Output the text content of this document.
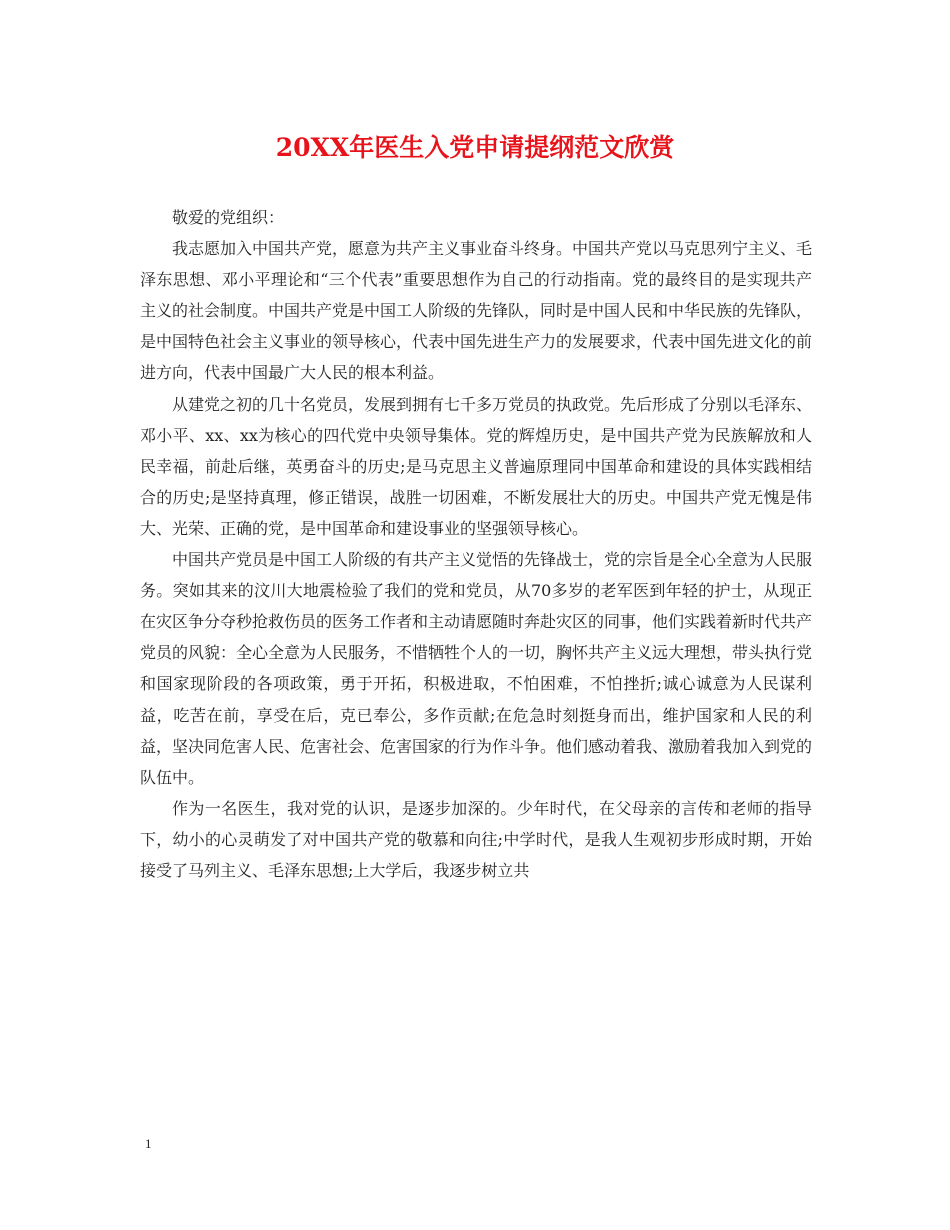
20XX年医生入党申请提纲范文欣赏

敬爱的党组织：

我志愿加入中国共产党，愿意为共产主义事业奋斗终身。中国共产党以马克思列宁主义、毛泽东思想、邓小平理论和“三个代表”重要思想作为自己的行动指南。党的最终目的是实现共产主义的社会制度。中国共产党是中国工人阶级的先锋队，同时是中国人民和中华民族的先锋队，是中国特色社会主义事业的领导核心，代表中国先进生产力的发展要求，代表中国先进文化的前进方向，代表中国最广大人民的根本利益。

从建党之初的几十名党员，发展到拥有七千多万党员的执政党。先后形成了分别以毛泽东、邓小平、xx、xx为核心的四代党中央领导集体。党的辉煌历史，是中国共产党为民族解放和人民幸福，前赴后继，英勇奋斗的历史;是马克思主义普遍原理同中国革命和建设的具体实践相结合的历史;是坚持真理，修正错误，战胜一切困难，不断发展壮大的历史。中国共产党无愧是伟大、光荣、正确的党，是中国革命和建设事业的坚强领导核心。

中国共产党员是中国工人阶级的有共产主义觉悟的先锋战士，党的宗旨是全心全意为人民服务。突如其来的汶川大地震检验了我们的党和党员，从70多岁的老军医到年轻的护士，从现正在灾区争分夺秒抢救伤员的医务工作者和主动请愿随时奔赴灾区的同事，他们实践着新时代共产党员的风貌：全心全意为人民服务，不惜牺牲个人的一切，胸怀共产主义远大理想，带头执行党和国家现阶段的各项政策，勇于开拓，积极进取，不怕困难，不怕挫折;诚心诚意为人民谋利益，吃苦在前，享受在后，克已奉公，多作贡献;在危急时刻挺身而出，维护国家和人民的利益，坚决同危害人民、危害社会、危害国家的行为作斗争。他们感动着我、激励着我加入到党的队伍中。

作为一名医生，我对党的认识，是逐步加深的。少年时代，在父母亲的言传和老师的指导下，幼小的心灵萌发了对中国共产党的敬慕和向往;中学时代，是我人生观初步形成时期，开始接受了马列主义、毛泽东思想;上大学后，我逐步树立共

1
